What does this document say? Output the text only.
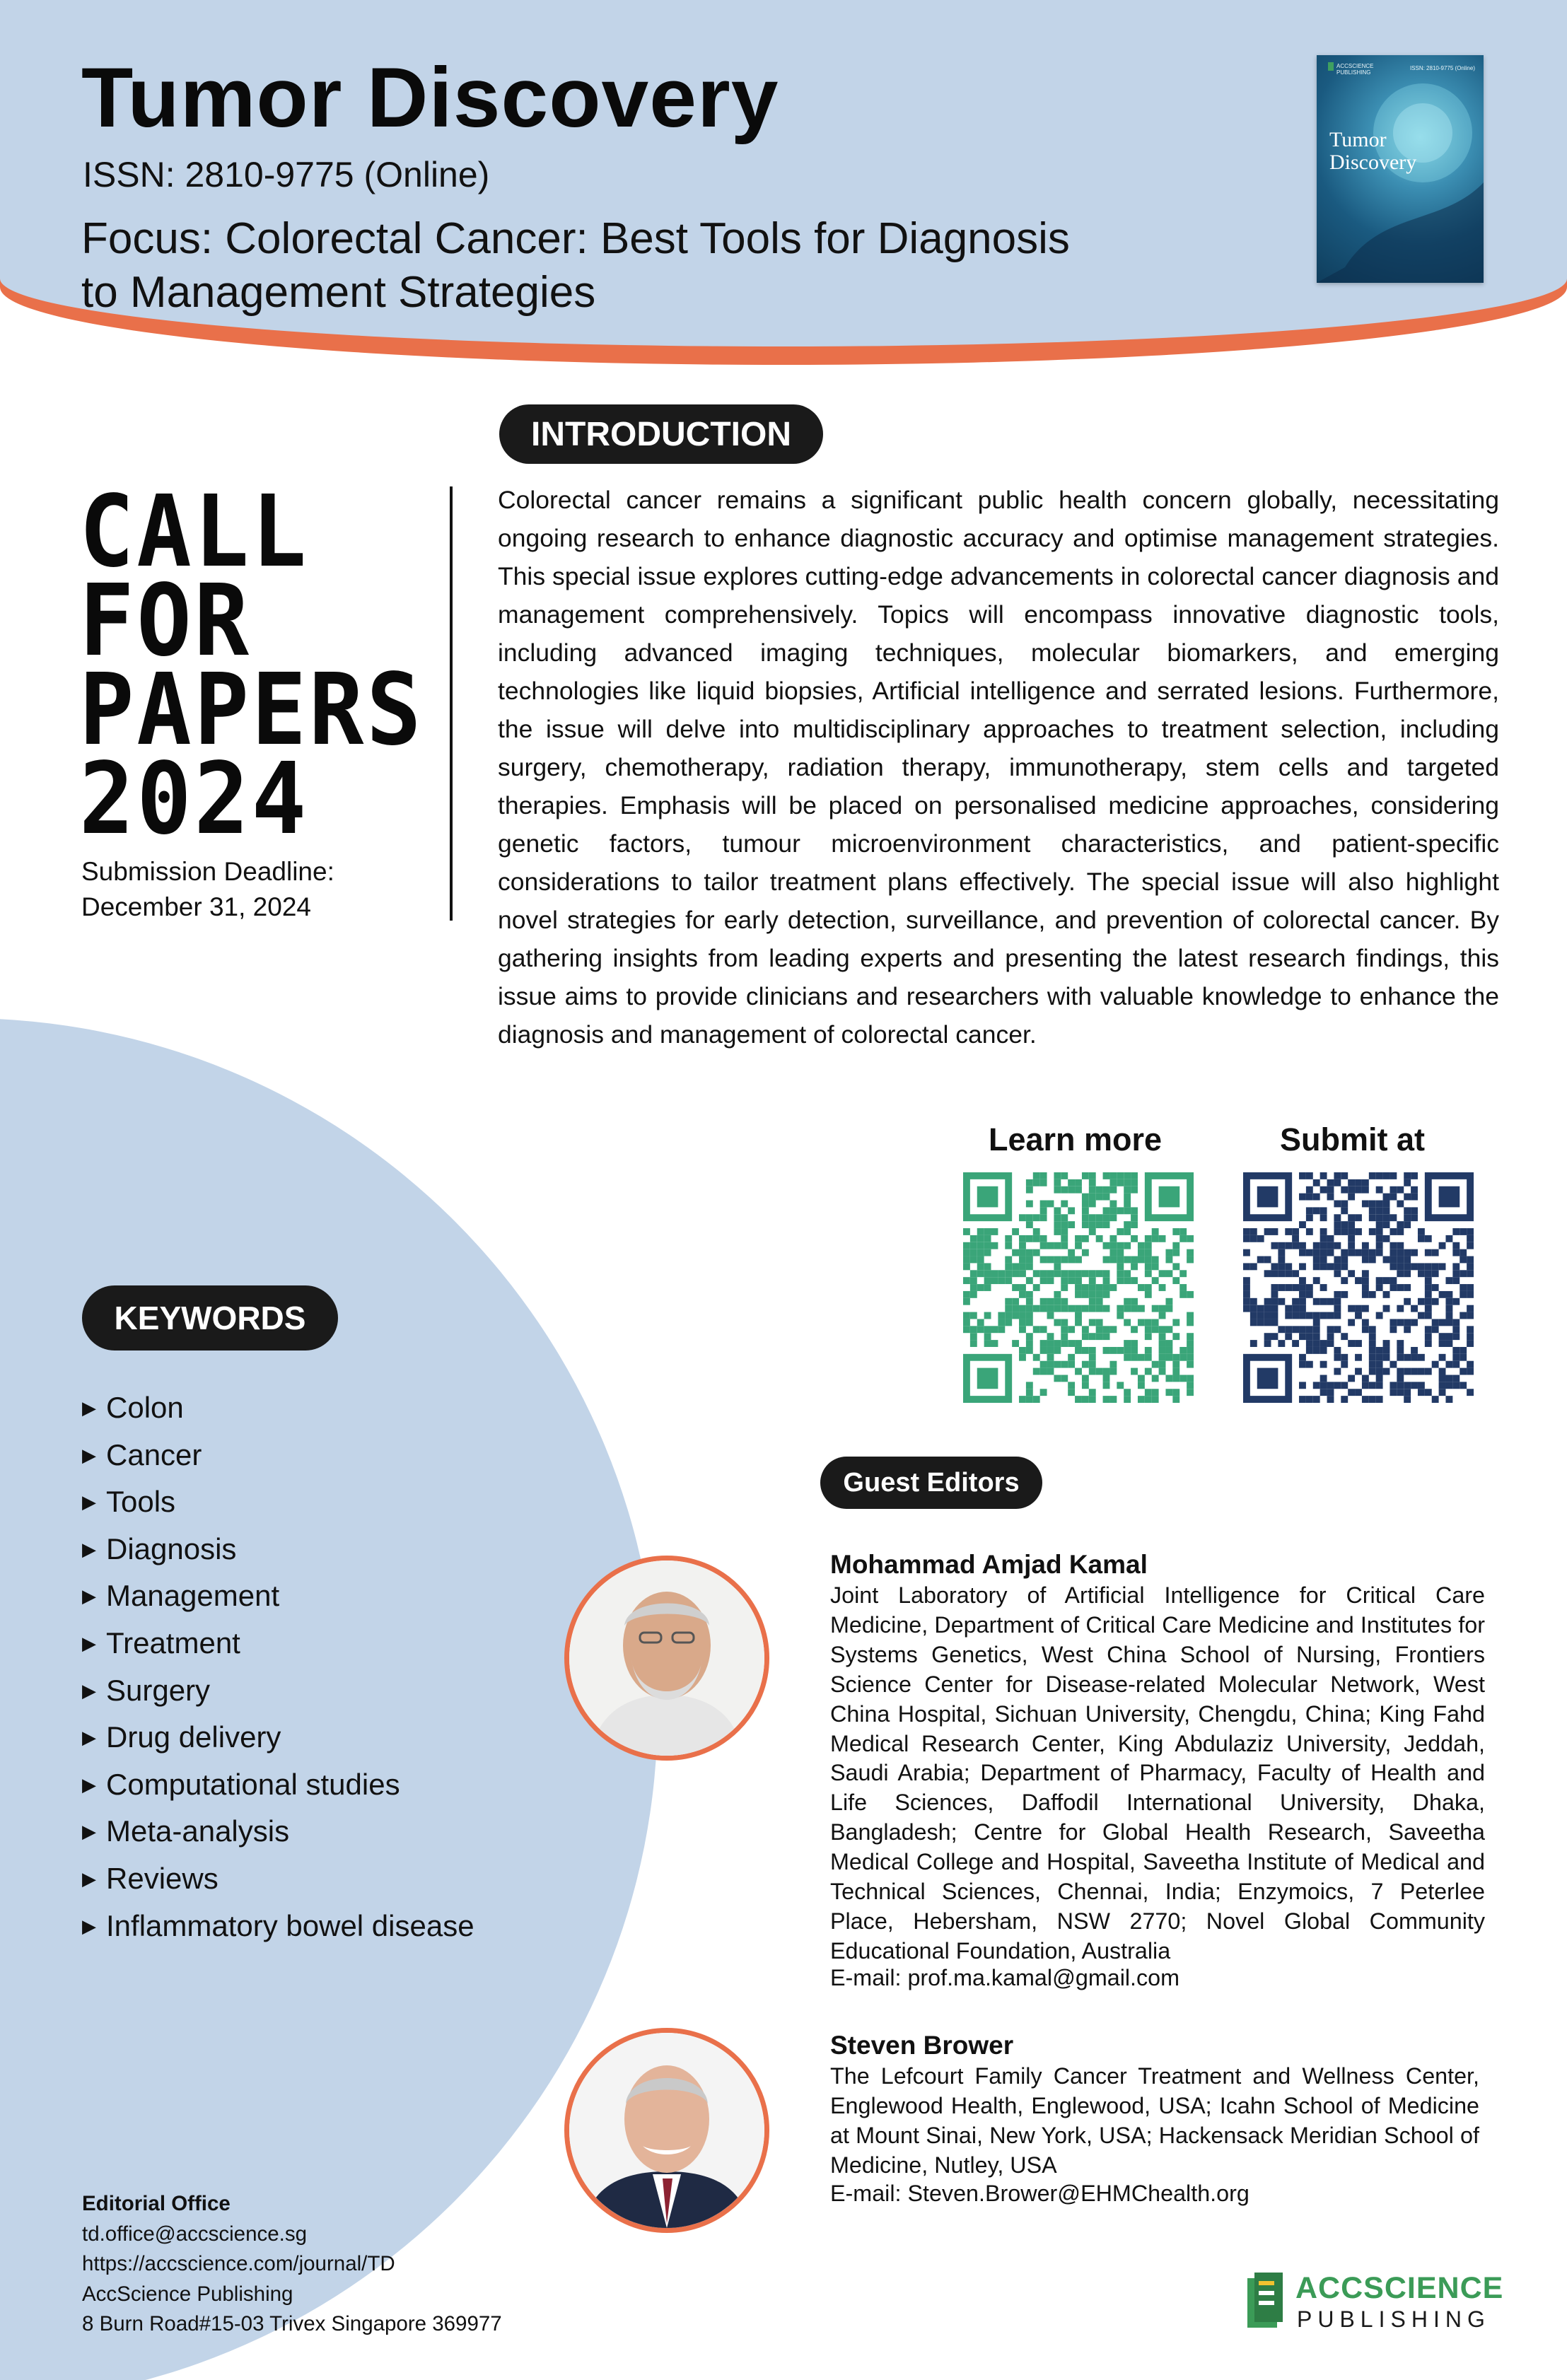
Tumor Discovery
ISSN: 2810-9775 (Online)
Focus: Colorectal Cancer: Best Tools for Diagnosis
to Management Strategies
ACCSCIENCE PUBLISHING
ISSN: 2810-9775 (Online)
Tumor Discovery
CALL
FOR
PAPERS
2024
Submission Deadline:
December 31, 2024
INTRODUCTION

Colorectal cancer remains a significant public health concern globally, necessitating ongoing research to enhance diagnostic accuracy and optimise management strategies. This special issue explores cutting-edge advancements in colorectal cancer diagnosis and management comprehensively. Topics will encompass innovative diagnostic tools, including advanced imaging techniques, molecular biomarkers, and emerging technologies like liquid biopsies, Artificial intelligence and serrated lesions. Furthermore, the issue will delve into multidisciplinary approaches to treatment selection, including surgery, chemotherapy, radiation therapy, immunotherapy, stem cells and targeted therapies. Emphasis will be placed on personalised medicine approaches, considering genetic factors, tumour microenvironment characteristics, and patient-specific considerations to tailor treatment plans effectively. The special issue will also highlight novel strategies for early detection, surveillance, and prevention of colorectal cancer. By gathering insights from leading experts and presenting the latest research findings, this issue aims to provide clinicians and researchers with valuable knowledge to enhance the diagnosis and management of colorectal cancer.

Learn more	Submit at
KEYWORDS
▶ Colon
▶ Cancer
▶ Tools
▶ Diagnosis
▶ Management
▶ Treatment
▶ Surgery
▶ Drug delivery
▶ Computational studies
▶ Meta-analysis
▶ Reviews
▶ Inflammatory bowel disease
Guest Editors
Mohammad Amjad Kamal

Joint Laboratory of Artificial Intelligence for Critical Care Medicine, Department of Critical Care Medicine and Institutes for Systems Genetics, West China School of Nursing, Frontiers Science Center for Disease-related Molecular Network, West China Hospital, Sichuan University, Chengdu, China; King Fahd Medical Research Center, King Abdulaziz University, Jeddah, Saudi Arabia; Department of Pharmacy, Faculty of Health and Life Sciences, Daffodil International University, Dhaka, Bangladesh; Centre for Global Health Research, Saveetha Medical College and Hospital, Saveetha Institute of Medical and Technical Sciences, Chennai, India; Enzymoics, 7 Peterlee Place, Hebersham, NSW 2770; Novel Global Community Educational Foundation, Australia

E-mail: prof.ma.kamal@gmail.com
Steven Brower

The Lefcourt Family Cancer Treatment and Wellness Center, Englewood Health, Englewood, USA; Icahn School of Medicine at Mount Sinai, New York, USA; Hackensack Meridian School of Medicine, Nutley, USA

E-mail: Steven.Brower@EHMChealth.org
Editorial Office
td.office@accscience.sg
https://accscience.com/journal/TD
AccScience Publishing
8 Burn Road#15-03 Trivex Singapore 369977
ACCSCIENCE
PUBLISHING
